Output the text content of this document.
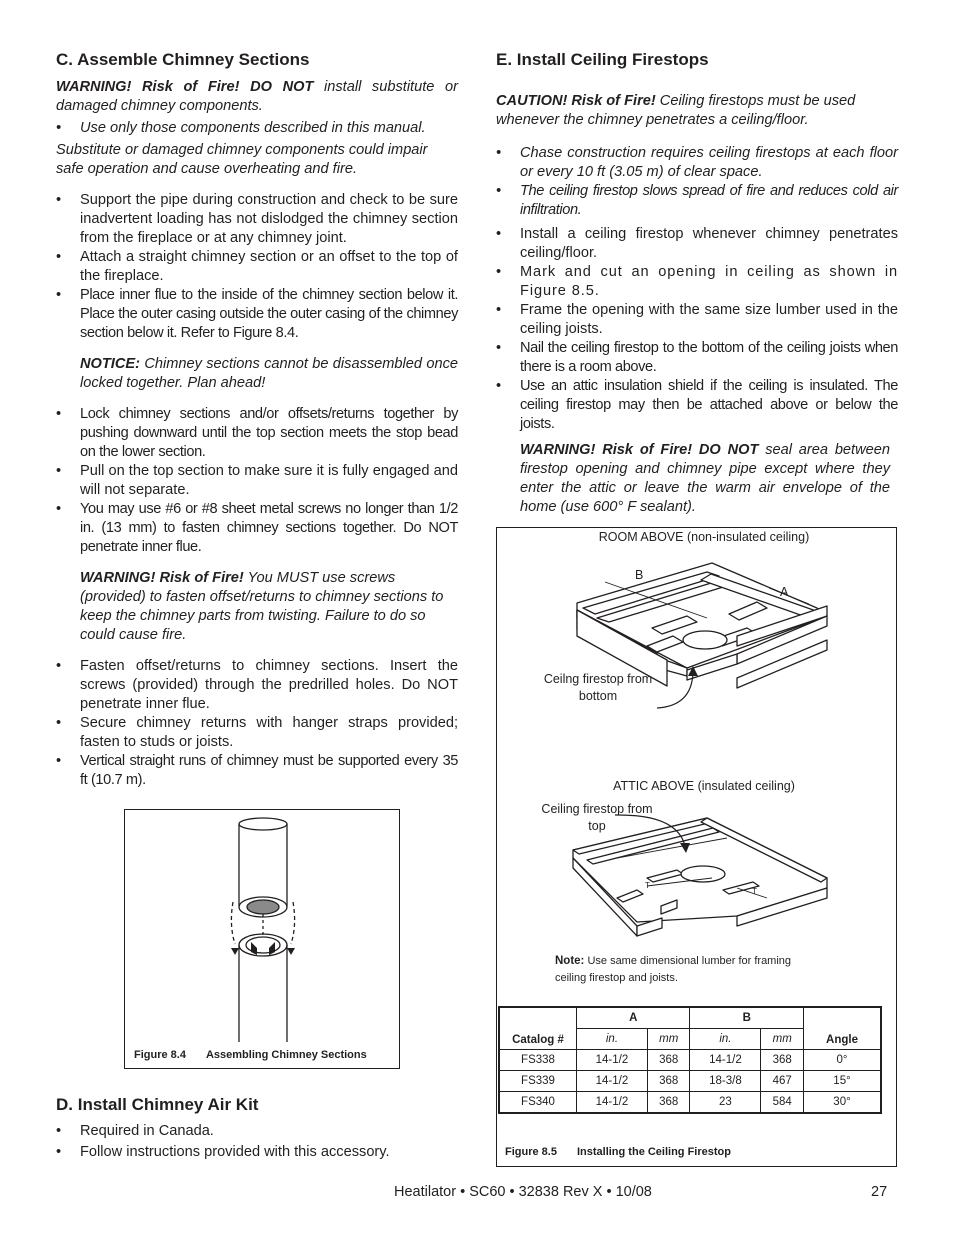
C. Assemble Chimney Sections

WARNING! Risk of Fire! DO NOT install substitute or damaged chimney components.

• Use only those components described in this manual.

Substitute or damaged chimney components could impair safe operation and cause overheating and fire.

• Support the pipe during construction and check to be sure inadvertent loading has not dislodged the chimney section from the fireplace or at any chimney joint.
• Attach a straight chimney section or an offset to the top of the fireplace.
• Place inner flue to the inside of the chimney section below it. Place the outer casing outside the outer casing of the chimney section below it. Refer to Figure 8.4.

NOTICE: Chimney sections cannot be disassembled once locked together. Plan ahead!

• Lock chimney sections and/or offsets/returns together by pushing downward until the top section meets the stop bead on the lower section.
• Pull on the top section to make sure it is fully engaged and will not separate.
• You may use #6 or #8 sheet metal screws no longer than 1/2 in. (13 mm) to fasten chimney sections together. Do NOT penetrate inner flue.

WARNING! Risk of Fire! You MUST use screws (provided) to fasten offset/returns to chimney sections to keep the chimney parts from twisting. Failure to do so could cause fire.

• Fasten offset/returns to chimney sections. Insert the screws (provided) through the predrilled holes. Do NOT penetrate inner flue.
• Secure chimney returns with hanger straps provided; fasten to studs or joists.
• Vertical straight runs of chimney must be supported every 35 ft (10.7 m).
Figure 8.4 Assembling Chimney Sections
D. Install Chimney Air Kit
• Required in Canada.
• Follow instructions provided with this accessory.
E. Install Ceiling Firestops

CAUTION! Risk of Fire! Ceiling firestops must be used whenever the chimney penetrates a ceiling/floor.

• Chase construction requires ceiling firestops at each floor or every 10 ft (3.05 m) of clear space.
• The ceiling firestop slows spread of fire and reduces cold air infiltration.
• Install a ceiling firestop whenever chimney penetrates ceiling/floor.
• Mark and cut an opening in ceiling as shown in Figure 8.5.
• Frame the opening with the same size lumber used in the ceiling joists.
• Nail the ceiling firestop to the bottom of the ceiling joists when there is a room above.
• Use an attic insulation shield if the ceiling is insulated. The ceiling firestop may then be attached above or below the joists.

WARNING! Risk of Fire! DO NOT seal area between firestop opening and chimney pipe except where they enter the attic or leave the warm air envelope of the home (use 600° F sealant).

ROOM ABOVE (non-insulated ceiling)
B
A
Ceilng firestop from
bottom
ATTIC ABOVE (insulated ceiling)
Ceiling firestop from
top
T
T
Note: Use same dimensional lumber for framing
ceiling firestop and joists.
Catalog #	A		B		Angle
	in.	mm	in.	mm	
FS338	14-1/2	368	14-1/2	368	0°
FS339	14-1/2	368	18-3/8	467	15°
FS340	14-1/2	368	23	584	30°
Figure 8.5 Installing the Ceiling Firestop
Heatilator • SC60 • 32838 Rev X • 10/08	27
